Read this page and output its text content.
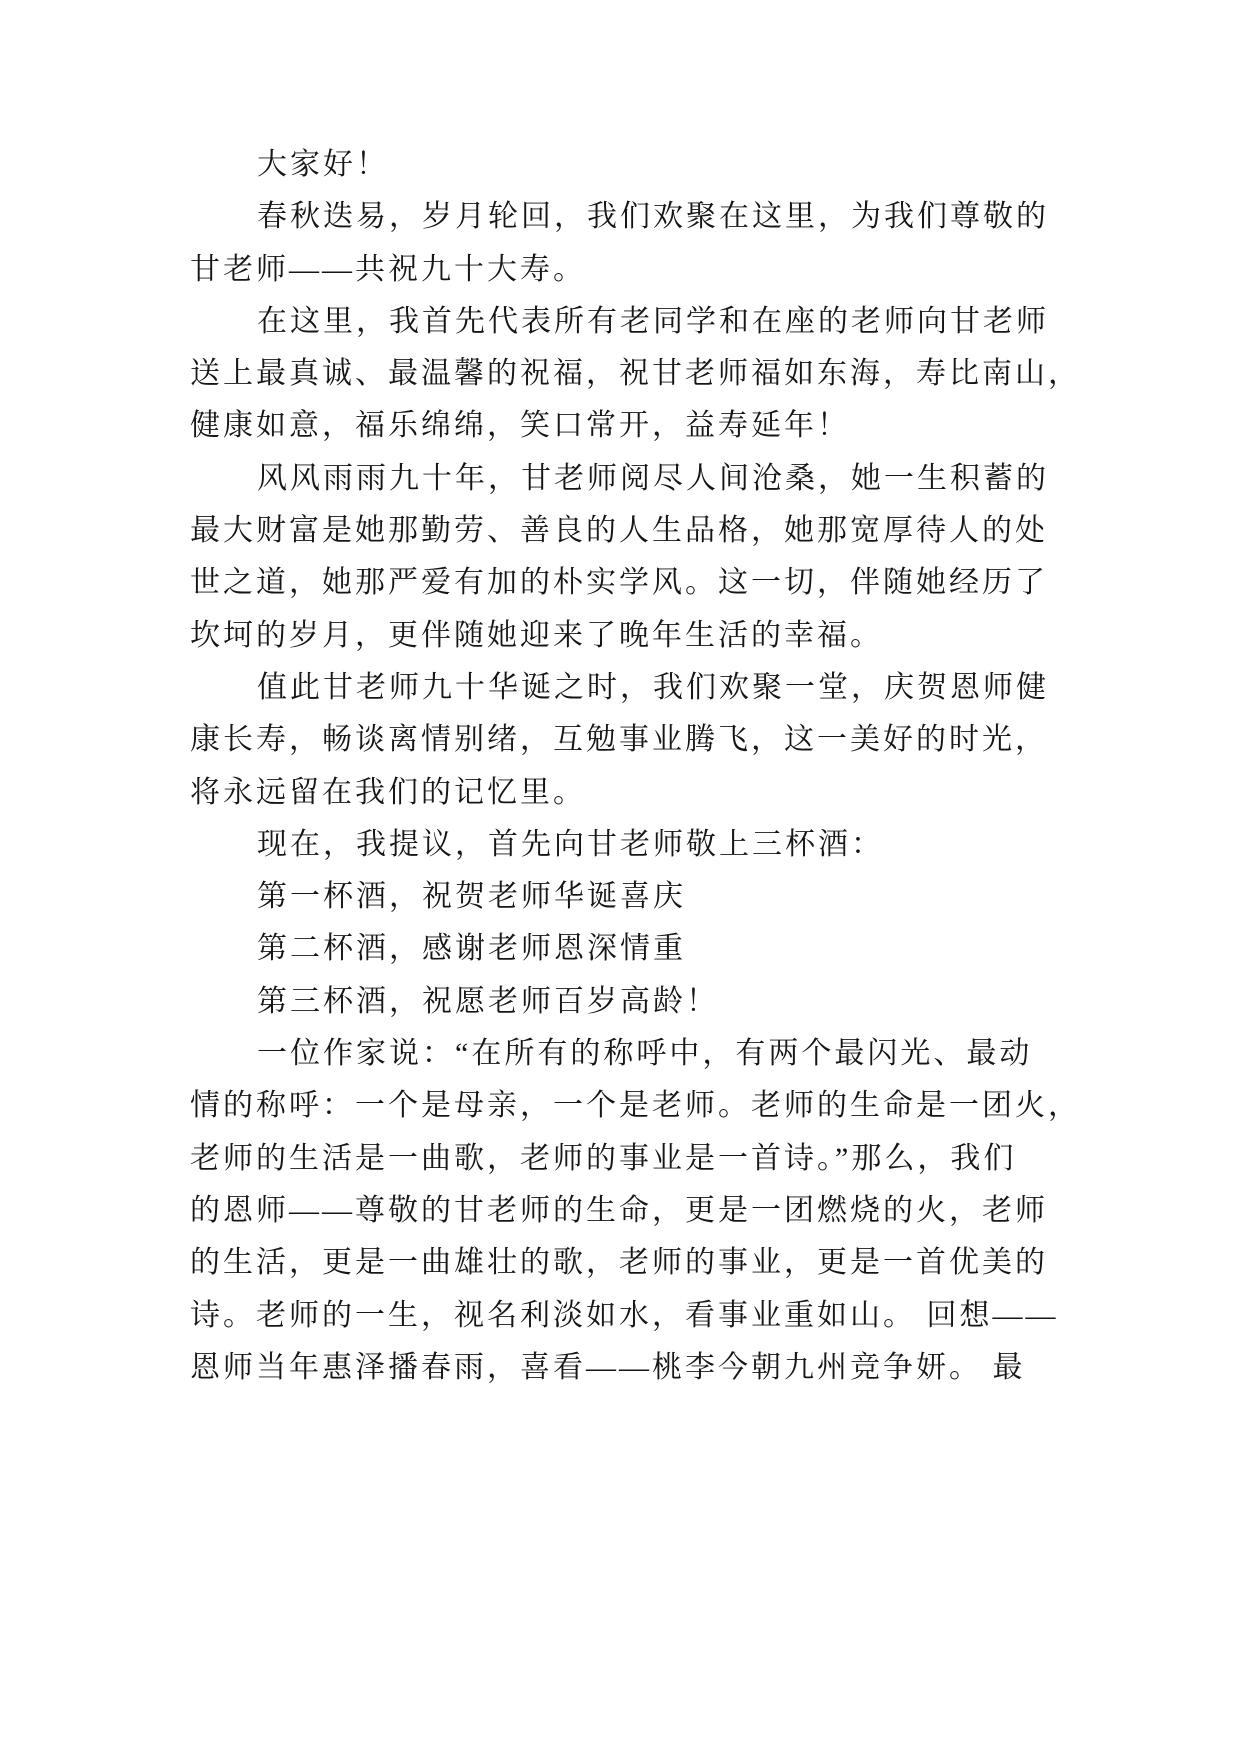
大家好！
春秋迭易，岁月轮回，我们欢聚在这里，为我们尊敬的
甘老师——共祝九十大寿。
在这里，我首先代表所有老同学和在座的老师向甘老师
送上最真诚、最温馨的祝福，祝甘老师福如东海，寿比南山，
健康如意，福乐绵绵，笑口常开，益寿延年！
风风雨雨九十年，甘老师阅尽人间沧桑，她一生积蓄的
最大财富是她那勤劳、善良的人生品格，她那宽厚待人的处
世之道，她那严爱有加的朴实学风。这一切，伴随她经历了
坎坷的岁月，更伴随她迎来了晚年生活的幸福。
值此甘老师九十华诞之时，我们欢聚一堂，庆贺恩师健
康长寿，畅谈离情别绪，互勉事业腾飞，这一美好的时光，
将永远留在我们的记忆里。
现在，我提议，首先向甘老师敬上三杯酒：
第一杯酒，祝贺老师华诞喜庆
第二杯酒，感谢老师恩深情重
第三杯酒，祝愿老师百岁高龄！
一位作家说：“在所有的称呼中，有两个最闪光、最动
情的称呼：一个是母亲，一个是老师。老师的生命是一团火，
老师的生活是一曲歌，老师的事业是一首诗。”那么，我们
的恩师——尊敬的甘老师的生命，更是一团燃烧的火，老师
的生活，更是一曲雄壮的歌，老师的事业，更是一首优美的
诗。老师的一生，视名利淡如水，看事业重如山。 回想——
恩师当年惠泽播春雨，喜看——桃李今朝九州竞争妍。 最
